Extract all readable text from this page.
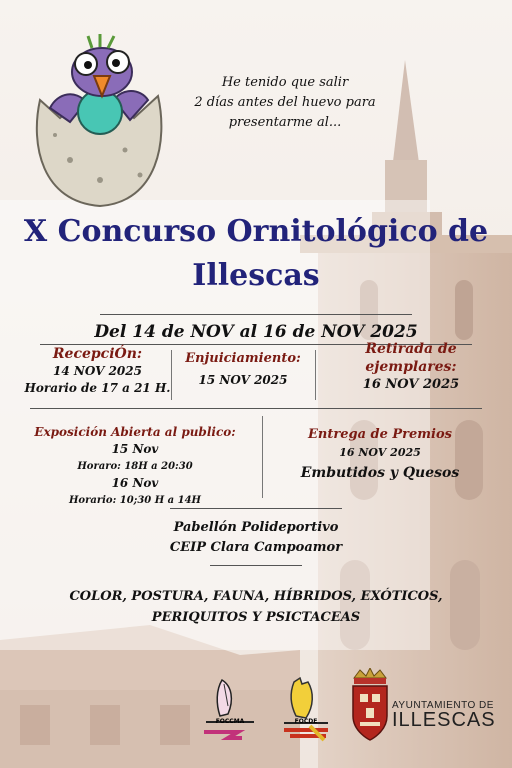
He tenido que salir
2 días antes del huevo para
presentarme al...
X Concurso Ornitológico de
Illescas
Del 14 de NOV al 16 de NOV 2025
RecepciÓn:
14 NOV 2025
Horario de 17 a 21 H.
Enjuiciamiento:
15 NOV 2025
Retirada de
ejemplares:
16 NOV 2025
Exposición Abierta al publico:
15 Nov
Horaro: 18H a 20:30
16 Nov
Horario: 10;30 H a 14H
Entrega de Premios
16 NOV 2025
Embutidos y Quesos
Pabellón Polideportivo
CEIP Clara Campoamor
COLOR, POSTURA, FAUNA, HÍBRIDOS, EXÓTICOS,
PERIQUITOS Y PSICTACEAS
FOCCMA	FOCDE
AYUNTAMIENTO DE
ILLESCAS
